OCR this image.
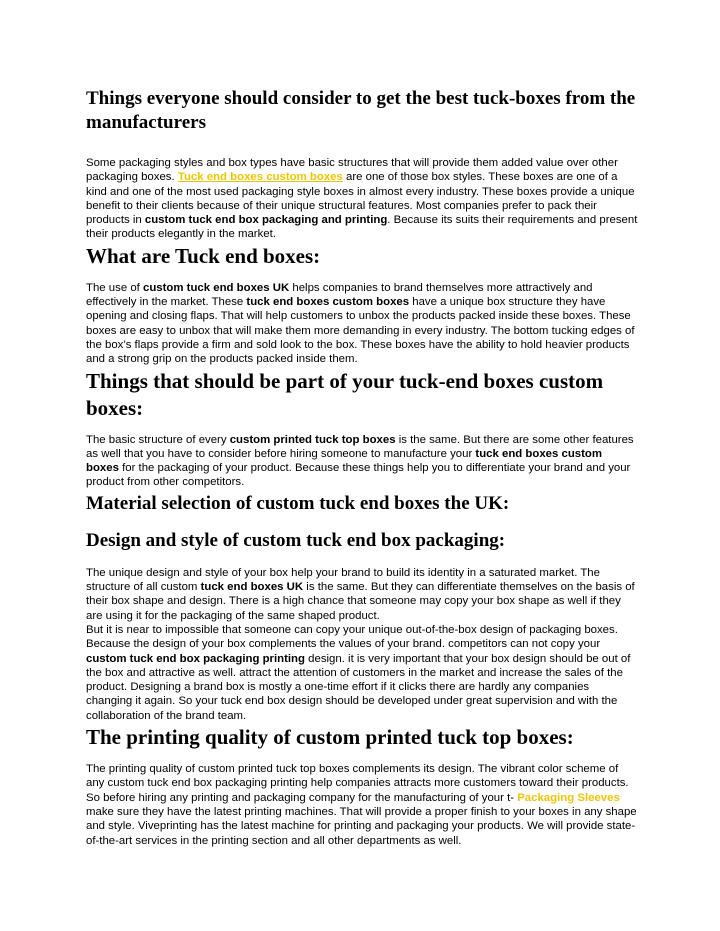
Things everyone should consider to get the best tuck-boxes from the manufacturers

Some packaging styles and box types have basic structures that will provide them added value over other packaging boxes. Tuck end boxes custom boxes are one of those box styles. These boxes are one of a kind and one of the most used packaging style boxes in almost every industry. These boxes provide a unique benefit to their clients because of their unique structural features. Most companies prefer to pack their products in custom tuck end box packaging and printing. Because its suits their requirements and present their products elegantly in the market.

What are Tuck end boxes:

The use of custom tuck end boxes UK helps companies to brand themselves more attractively and effectively in the market. These tuck end boxes custom boxes have a unique box structure they have opening and closing flaps. That will help customers to unbox the products packed inside these boxes. These boxes are easy to unbox that will make them more demanding in every industry. The bottom tucking edges of the box’s flaps provide a firm and sold look to the box. These boxes have the ability to hold heavier products and a strong grip on the products packed inside them.

Things that should be part of your tuck-end boxes custom boxes:

The basic structure of every custom printed tuck top boxes is the same. But there are some other features as well that you have to consider before hiring someone to manufacture your tuck end boxes custom boxes for the packaging of your product. Because these things help you to differentiate your brand and your product from other competitors.

Material selection of custom tuck end boxes the UK:
Design and style of custom tuck end box packaging:

The unique design and style of your box help your brand to build its identity in a saturated market. The structure of all custom tuck end boxes UK is the same. But they can differentiate themselves on the basis of their box shape and design. There is a high chance that someone may copy your box shape as well if they are using it for the packaging of the same shaped product.
But it is near to impossible that someone can copy your unique out-of-the-box design of packaging boxes. Because the design of your box complements the values of your brand. competitors can not copy your custom tuck end box packaging printing design. it is very important that your box design should be out of the box and attractive as well. attract the attention of customers in the market and increase the sales of the product. Designing a brand box is mostly a one-time effort if it clicks there are hardly any companies changing it again. So your tuck end box design should be developed under great supervision and with the collaboration of the brand team.

The printing quality of custom printed tuck top boxes:

The printing quality of custom printed tuck top boxes complements its design. The vibrant color scheme of any custom tuck end box packaging printing help companies attracts more customers toward their products. So before hiring any printing and packaging company for the manufacturing of your t- Packaging Sleeves make sure they have the latest printing machines. That will provide a proper finish to your boxes in any shape and style. Viveprinting has the latest machine for printing and packaging your products. We will provide state-of-the-art services in the printing section and all other departments as well.
